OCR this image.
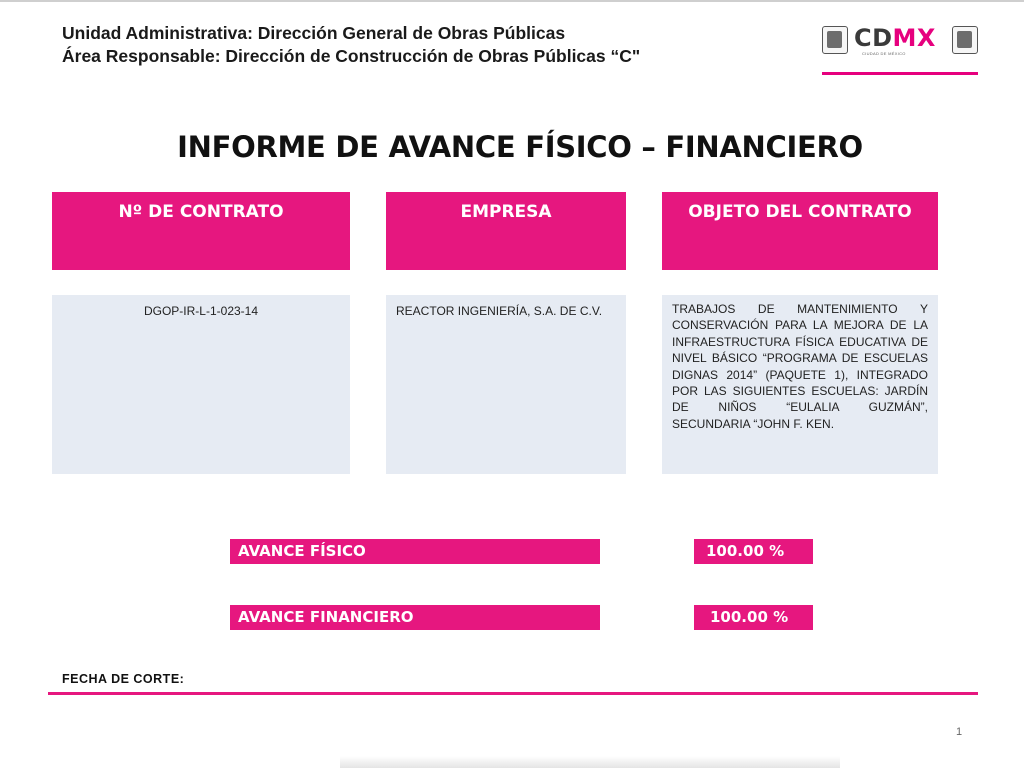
Unidad Administrativa: Dirección General de Obras Públicas
Área Responsable: Dirección de Construcción de Obras Públicas “C"
CDMX
CIUDAD DE MÉXICO
INFORME DE AVANCE FÍSICO – FINANCIERO
Nº DE CONTRATO	EMPRESA	OBJETO DEL CONTRATO
DGOP-IR-L-1-023-14	REACTOR INGENIERÍA, S.A. DE C.V.	TRABAJOS DE MANTENIMIENTO Y CONSERVACIÓN PARA LA MEJORA DE LA INFRAESTRUCTURA FÍSICA EDUCATIVA DE NIVEL BÁSICO “PROGRAMA DE ESCUELAS DIGNAS 2014” (PAQUETE 1), INTEGRADO POR LAS SIGUIENTES ESCUELAS: JARDÍN DE NIÑOS “EULALIA GUZMÁN”, SECUNDARIA “JOHN F. KEN.
AVANCE FÍSICO	100.00 %
AVANCE FINANCIERO	100.00 %
FECHA DE CORTE:
1
